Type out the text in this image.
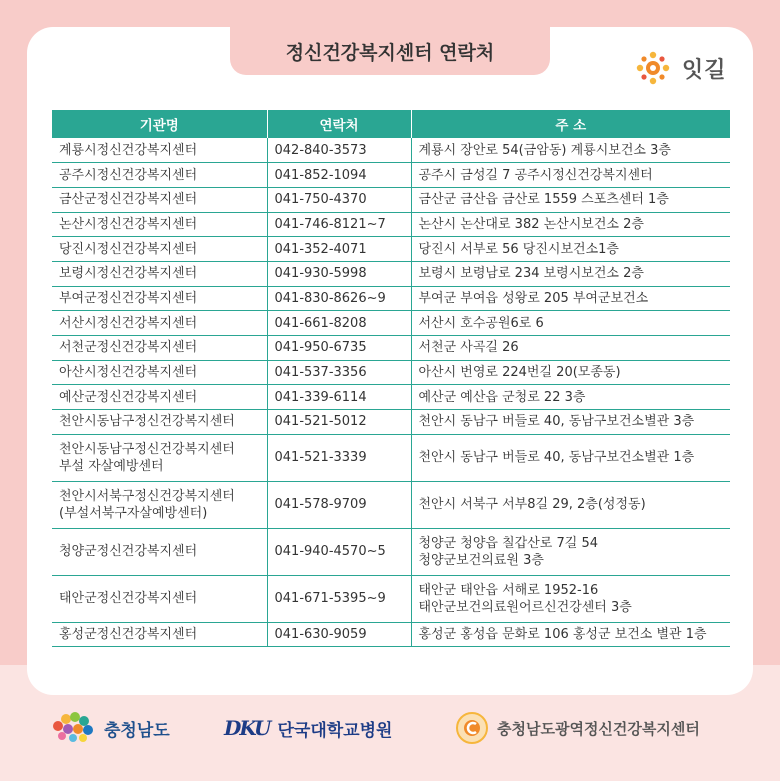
정신건강복지센터 연락처
잇길
기관명	연락처	주 소
계룡시정신건강복지센터	042-840-3573	계룡시 장안로 54(금암동) 계룡시보건소 3층
공주시정신건강복지센터	041-852-1094	공주시 금성길 7 공주시정신건강복지센터
금산군정신건강복지센터	041-750-4370	금산군 금산읍 금산로 1559 스포츠센터 1층
논산시정신건강복지센터	041-746-8121~7	논산시 논산대로 382 논산시보건소 2층
당진시정신건강복지센터	041-352-4071	당진시 서부로 56 당진시보건소1층
보령시정신건강복지센터	041-930-5998	보령시 보령남로 234 보령시보건소 2층
부여군정신건강복지센터	041-830-8626~9	부여군 부여읍 성왕로 205 부여군보건소
서산시정신건강복지센터	041-661-8208	서산시 호수공원6로 6
서천군정신건강복지센터	041-950-6735	서천군 사곡길 26
아산시정신건강복지센터	041-537-3356	아산시 번영로 224번길 20(모종동)
예산군정신건강복지센터	041-339-6114	예산군 예산읍 군청로 22 3층
천안시동남구정신건강복지센터	041-521-5012	천안시 동남구 버들로 40, 동남구보건소별관 3층

천안시동남구정신건강복지센터
부설 자살예방센터	041-521-3339	천안시 동남구 버들로 40, 동남구보건소별관 1층

천안시서북구정신건강복지센터
(부설서북구자살예방센터)	041-578-9709	천안시 서북구 서부8길 29, 2층(성정동)
청양군정신건강복지센터	041-940-4570~5	청양군 청양읍 칠갑산로 7길 54
청양군보건의료원 3층

태안군정신건강복지센터	041-671-5395~9	태안군 태안읍 서해로 1952-16
태안군보건의료원어르신건강센터 3층

홍성군정신건강복지센터	041-630-9059	홍성군 홍성읍 문화로 106 홍성군 보건소 별관 1층
충청남도	DKU 단국대학교병원	충청남도광역정신건강복지센터
